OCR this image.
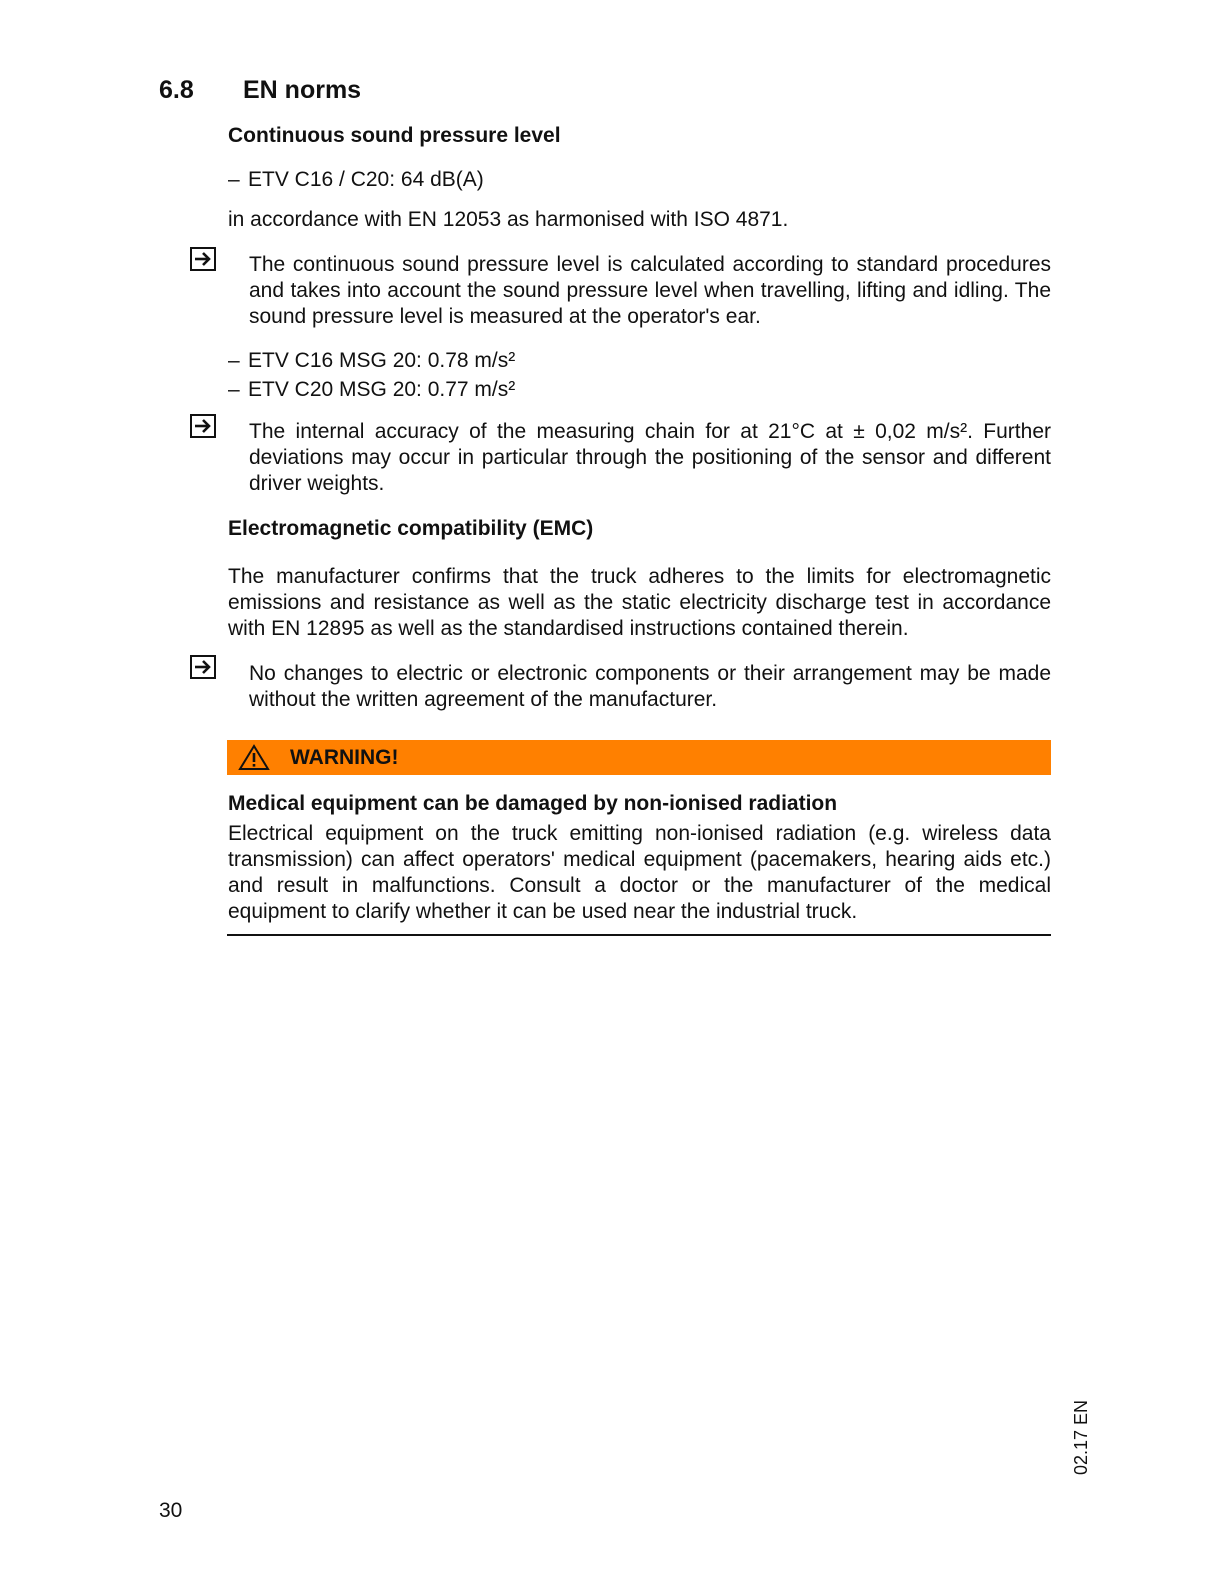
6.8 EN norms
Continuous sound pressure level
– ETV C16 / C20: 64 dB(A)
in accordance with EN 12053 as harmonised with ISO 4871.
The continuous sound pressure level is calculated according to standard procedures and takes into account the sound pressure level when travelling, lifting and idling. The sound pressure level is measured at the operator's ear.
– ETV C16 MSG 20: 0.78 m/s²
– ETV C20 MSG 20: 0.77 m/s²
The internal accuracy of the measuring chain for at 21°C at ± 0,02 m/s². Further deviations may occur in particular through the positioning of the sensor and different driver weights.
Electromagnetic compatibility (EMC)
The manufacturer confirms that the truck adheres to the limits for electromagnetic emissions and resistance as well as the static electricity discharge test in accordance with EN 12895 as well as the standardised instructions contained therein.
No changes to electric or electronic components or their arrangement may be made without the written agreement of the manufacturer.
WARNING!
Medical equipment can be damaged by non-ionised radiation
Electrical equipment on the truck emitting non-ionised radiation (e.g. wireless data transmission) can affect operators' medical equipment (pacemakers, hearing aids etc.) and result in malfunctions. Consult a doctor or the manufacturer of the medical equipment to clarify whether it can be used near the industrial truck.
30
02.17 EN
